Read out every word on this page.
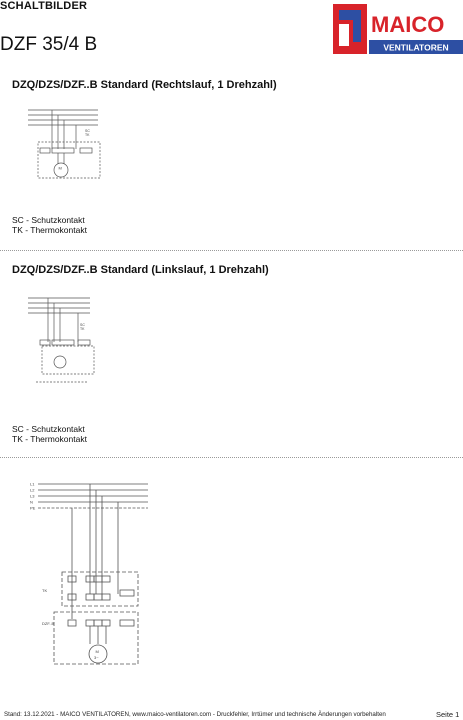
SCHALTBILDER
DZF 35/4 B
MAICO
VENTILATOREN
DZQ/DZS/DZF..B Standard (Rechtslauf, 1 Drehzahl)
SC
TK
M
SC - Schutzkontakt
TK - Thermokontakt
DZQ/DZS/DZF..B Standard (Linkslauf, 1 Drehzahl)
SC
TK
SC - Schutzkontakt
TK - Thermokontakt
L1
L2
L3
N
PE
TK
DZF..B
M
3~
Stand: 13.12.2021 - MAICO VENTILATOREN, www.maico-ventilatoren.com - Druckfehler, Irrtümer und technische Änderungen vorbehalten	Seite 1
